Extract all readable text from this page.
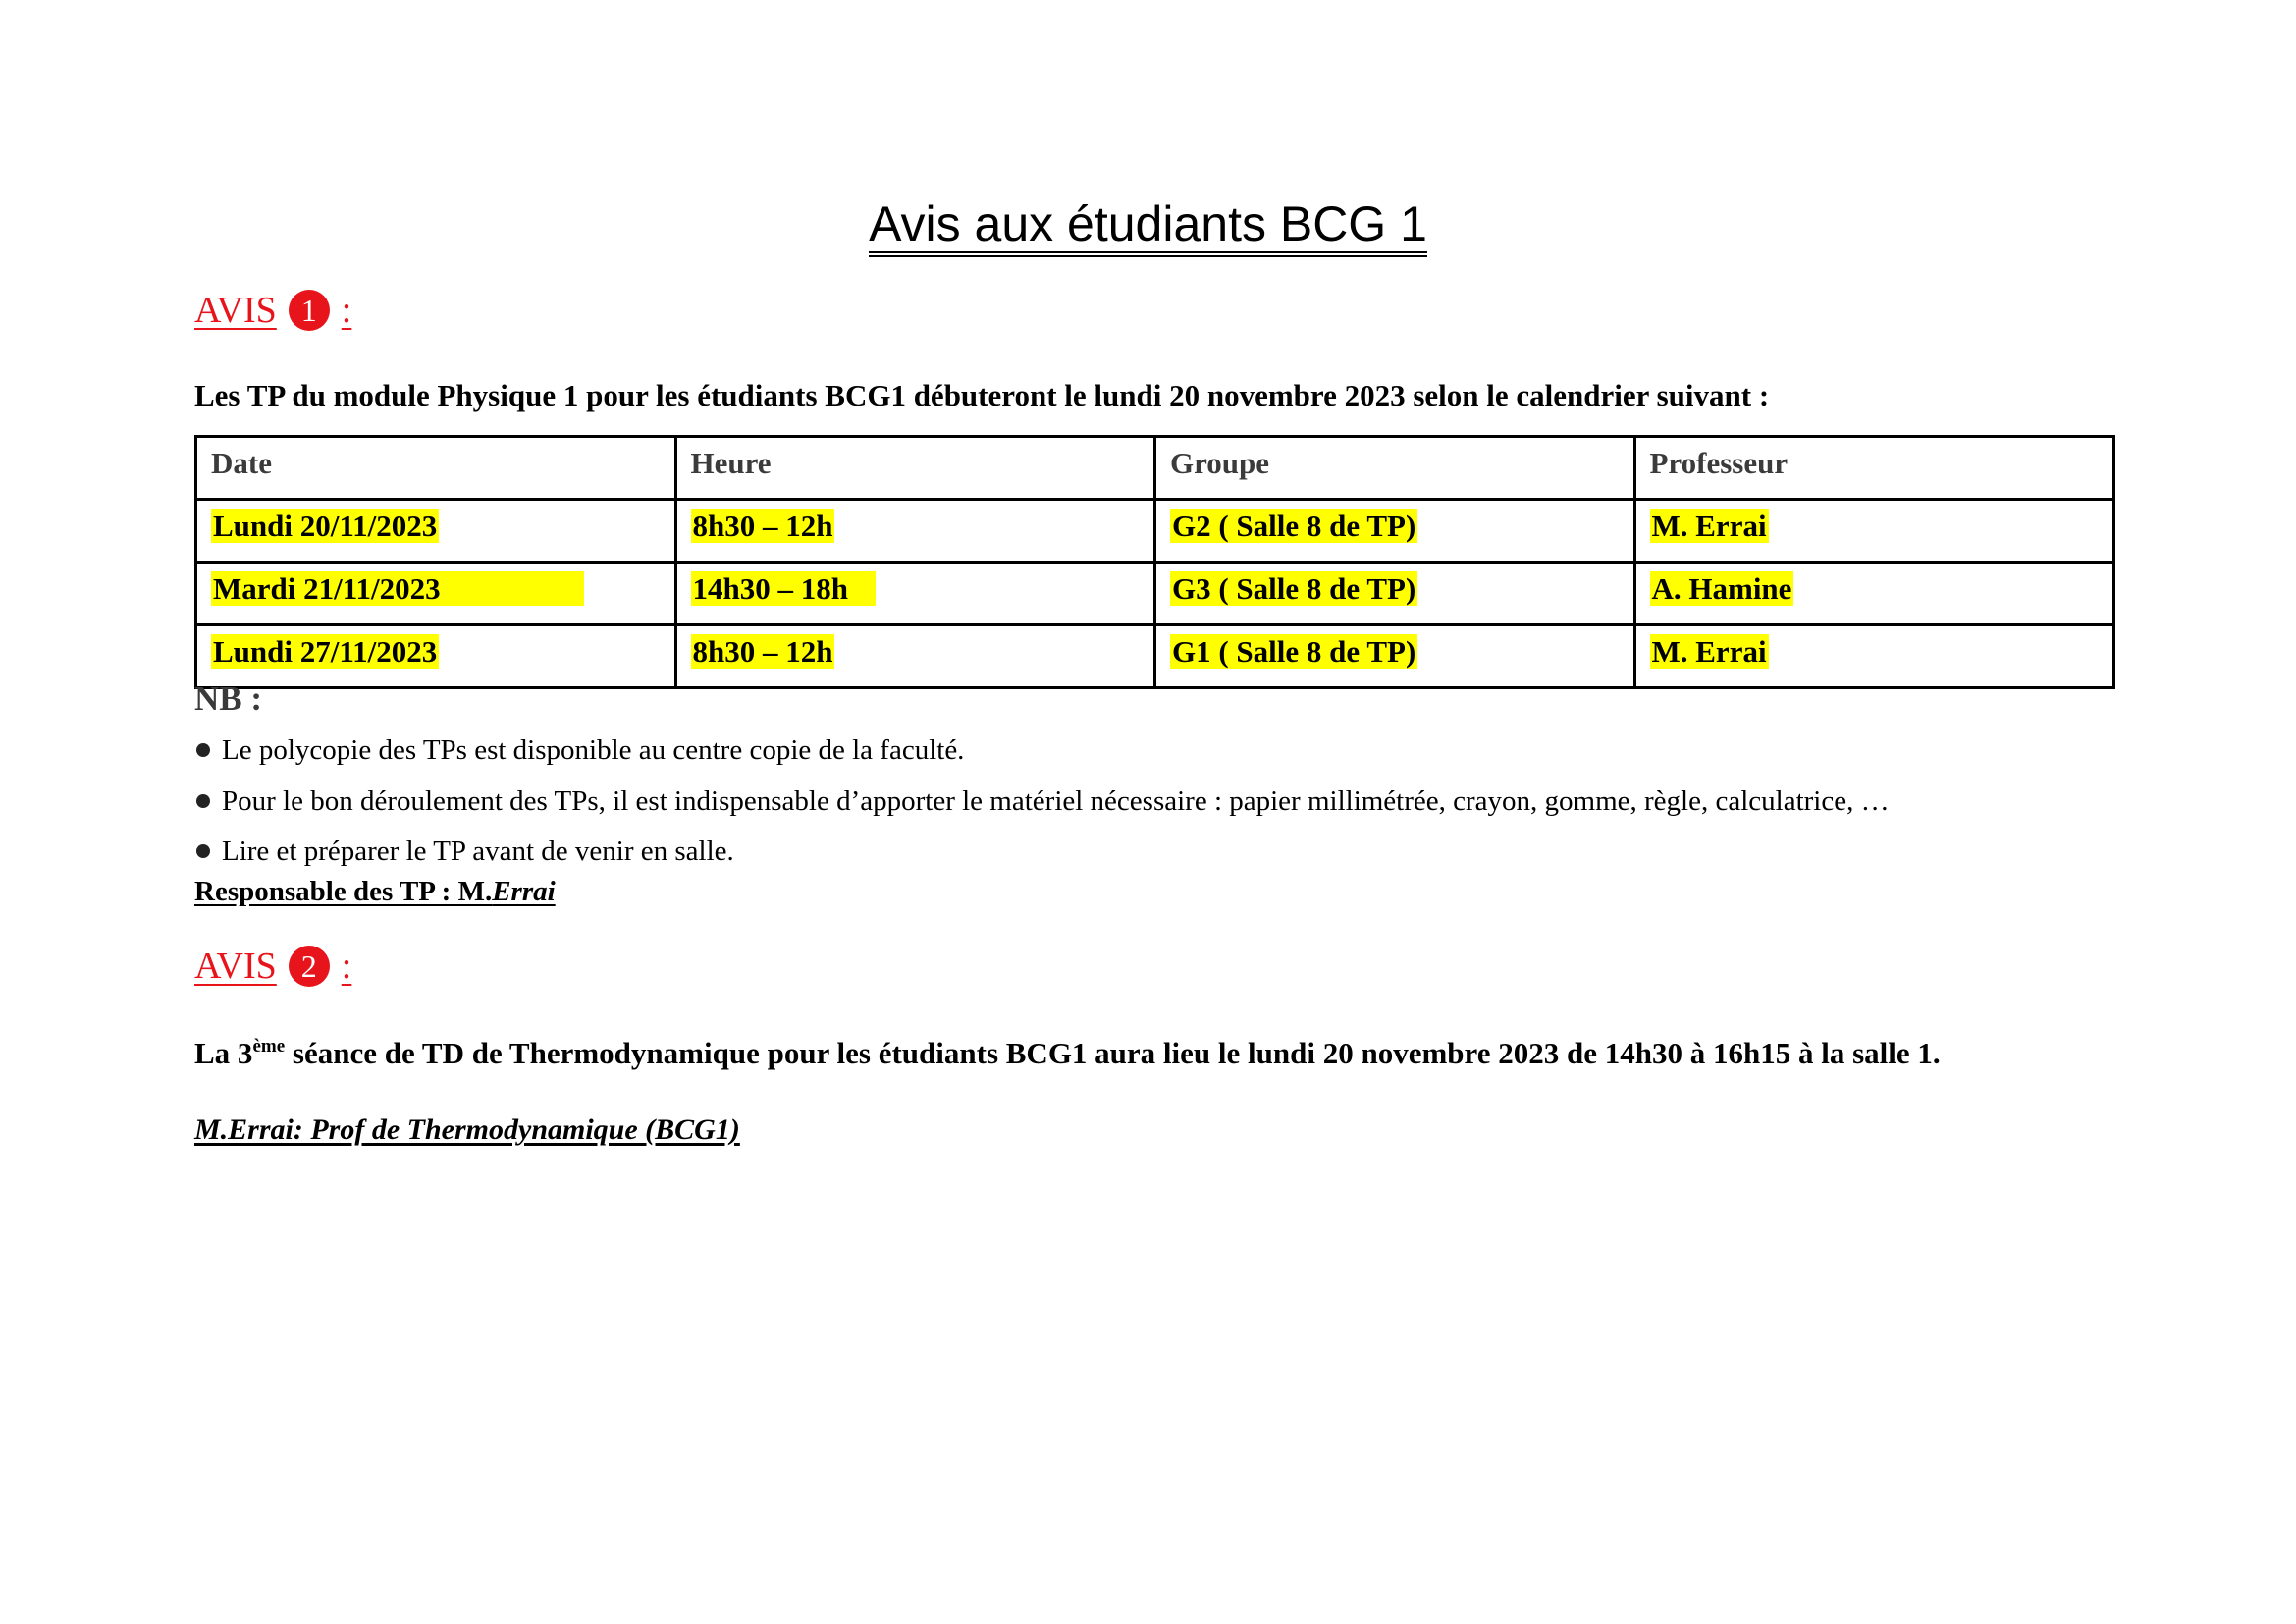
Avis aux étudiants BCG 1
AVIS 1 :
Les TP du module Physique 1 pour les étudiants BCG1 débuteront le lundi 20 novembre 2023 selon le calendrier suivant :
Date	Heure	Groupe	Professeur
Lundi 20/11/2023	8h30 – 12h	G2 ( Salle 8 de TP)	M. Errai
Mardi 21/11/2023	14h30 – 18h	G3 ( Salle 8 de TP)	A. Hamine
Lundi 27/11/2023	8h30 – 12h	G1 ( Salle 8 de TP)	M. Errai
NB :
Le polycopie des TPs est disponible au centre copie de la faculté.
Pour le bon déroulement des TPs, il est indispensable d’apporter le matériel nécessaire : papier millimétrée, crayon, gomme, règle, calculatrice, …
Lire et préparer le TP avant de venir en salle.
Responsable des TP : M.Errai
AVIS 2 :
La 3ème séance de TD de Thermodynamique pour les étudiants BCG1 aura lieu le lundi 20 novembre 2023 de 14h30 à 16h15 à la salle 1.
M.Errai: Prof de Thermodynamique (BCG1)
